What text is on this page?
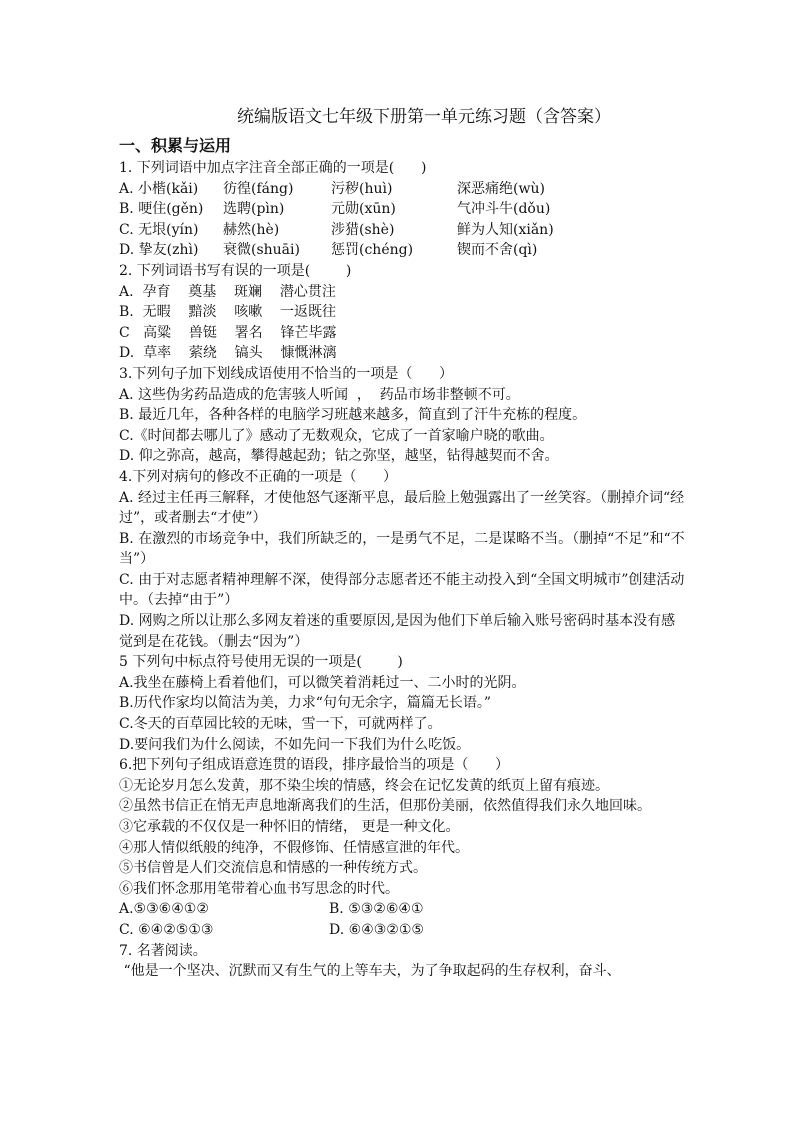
统编版语文七年级下册第一单元练习题（含答案）
一、积累与运用
1. 下列词语中加点字注音全部正确的一项是(      )
A. 小楷(kǎi)	彷徨(fáng)	污秽(huì)	深恶痛绝(wù)
B. 哽住(gěn)	选聘(pìn)	元勋(xūn)	气冲斗牛(dǒu)
C. 无垠(yín)	赫然(hè)	涉猎(shè)	鲜为人知(xiǎn)
D. 挚友(zhì)	衰微(shuāi)	惩罚(chéng)	锲而不舍(qì)
2. 下列词语书写有误的一项是(        )
A.  孕育    奠基    斑斓    潜心贯注
B.  无暇    黯淡    咳嗽    一返既往
C   高粱    兽铤    署名    锋芒毕露
D.  草率    萦绕    镐头    慷慨淋漓
3.下列句子加下划线成语使用不恰当的一项是（      ）
A. 这些伪劣药品造成的危害骇人听闻  ，  药品市场非整顿不可。
B. 最近几年，各种各样的电脑学习班越来越多，简直到了汗牛充栋的程度。
C.《时间都去哪儿了》感动了无数观众，它成了一首家喻户晓的歌曲。
D. 仰之弥高，越高，攀得越起劲；钻之弥坚，越坚，钻得越契而不舍。
4.下列对病句的修改不正确的一项是（      ）
A. 经过主任再三解释，才使他怒气逐渐平息，最后脸上勉强露出了一丝笑容。（删掉介词“经过”，或者删去“才使”）
B. 在激烈的市场竞争中，我们所缺乏的，一是勇气不足，二是谋略不当。（删掉“不足”和“不当”）
C. 由于对志愿者精神理解不深，使得部分志愿者还不能主动投入到“全国文明城市”创建活动中。（去掉“由于”）
D. 网购之所以让那么多网友着迷的重要原因,是因为他们下单后输入账号密码时基本没有感觉到是在花钱。（删去“因为”）
5 下列句中标点符号使用无误的一项是(        )
A.我坐在藤椅上看着他们，可以微笑着消耗过一、二小时的光阴。
B.历代作家均以简洁为美，力求“句句无余字，篇篇无长语。”
C.冬天的百草园比较的无味，雪一下，可就两样了。
D.要问我们为什么阅读，不如先问一下我们为什么吃饭。
6.把下列句子组成语意连贯的语段，排序最恰当的项是（      ）
①无论岁月怎么发黄，那不染尘埃的情感，终会在记忆发黄的纸页上留有痕迹。
②虽然书信正在悄无声息地渐离我们的生活，但那份美丽，依然值得我们永久地回味。
③它承载的不仅仅是一种怀旧的情绪， 更是一种文化。
④那人情似纸般的纯净，不假修饰、任情感宣泄的年代。
⑤书信曾是人们交流信息和情感的一种传统方式。
⑥我们怀念那用笔带着心血书写思念的时代。
A.⑤③⑥④①②	B. ⑤③②⑥④①
C. ⑥④②⑤①③	D. ⑥④③②①⑤
7. 名著阅读。
“他是一个坚决、沉默而又有生气的上等车夫，为了争取起码的生存权利，奋斗、
